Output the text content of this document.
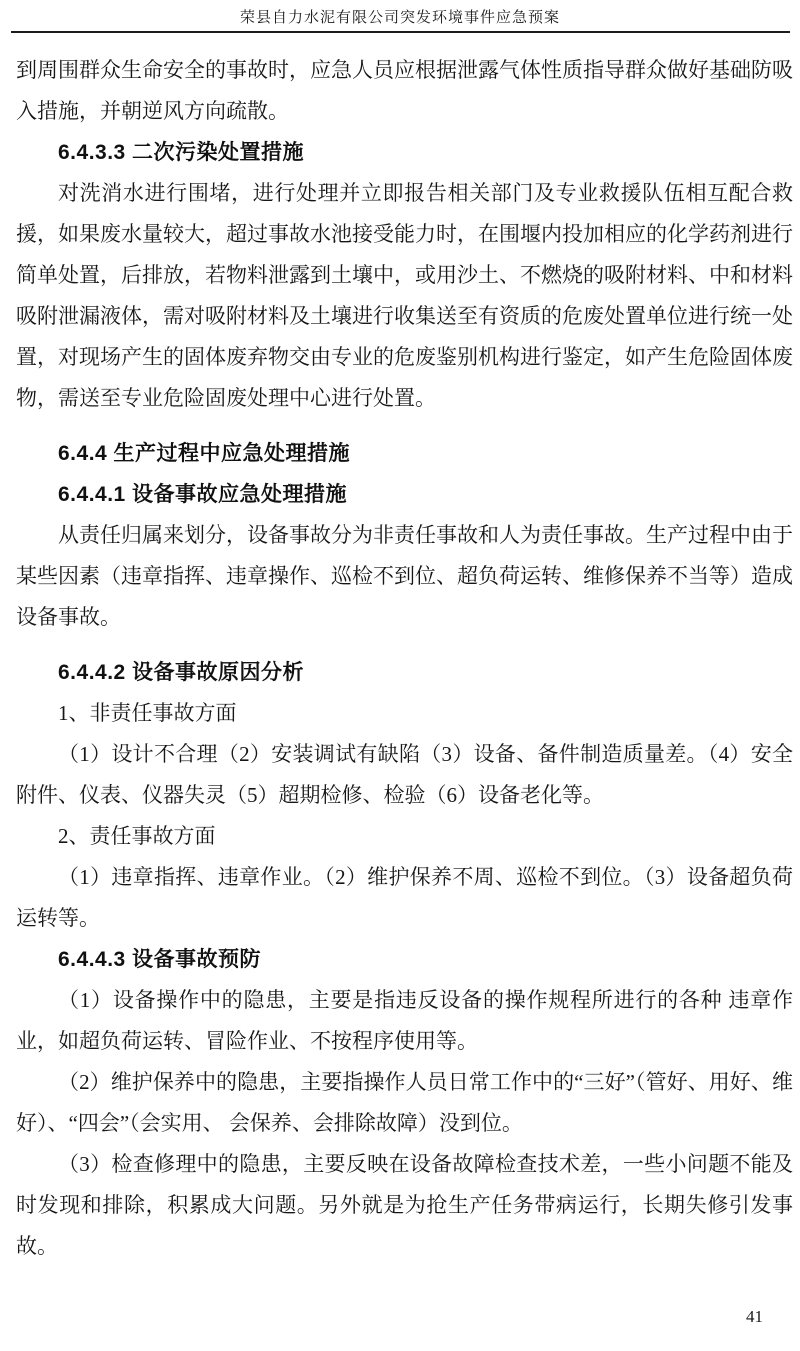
荣县自力水泥有限公司突发环境事件应急预案

到周围群众生命安全的事故时，应急人员应根据泄露气体性质指导群众做好基础防吸入措施，并朝逆风方向疏散。

6.4.3.3 二次污染处置措施

对洗消水进行围堵，进行处理并立即报告相关部门及专业救援队伍相互配合救援，如果废水量较大，超过事故水池接受能力时，在围堰内投加相应的化学药剂进行简单处置，后排放，若物料泄露到土壤中，或用沙土、不燃烧的吸附材料、中和材料吸附泄漏液体，需对吸附材料及土壤进行收集送至有资质的危废处置单位进行统一处置，对现场产生的固体废弃物交由专业的危废鉴别机构进行鉴定，如产生危险固体废物，需送至专业危险固废处理中心进行处置。

6.4.4 生产过程中应急处理措施

6.4.4.1 设备事故应急处理措施

从责任归属来划分，设备事故分为非责任事故和人为责任事故。生产过程中由于某些因素（违章指挥、违章操作、巡检不到位、超负荷运转、维修保养不当等）造成设备事故。

6.4.4.2 设备事故原因分析

1、非责任事故方面

（1）设计不合理（2）安装调试有缺陷（3）设备、备件制造质量差。（4）安全附件、仪表、仪器失灵（5）超期检修、检验（6）设备老化等。

2、责任事故方面

（1）违章指挥、违章作业。（2）维护保养不周、巡检不到位。（3）设备超负荷运转等。

6.4.4.3 设备事故预防

（1）设备操作中的隐患，主要是指违反设备的操作规程所进行的各种 违章作业，如超负荷运转、冒险作业、不按程序使用等。

（2）维护保养中的隐患，主要指操作人员日常工作中的“三好”（管好、用好、维好）、“四会”（会实用、 会保养、会排除故障）没到位。

（3）检查修理中的隐患，主要反映在设备故障检查技术差，一些小问题不能及时发现和排除，积累成大问题。另外就是为抢生产任务带病运行，长期失修引发事故。

41
